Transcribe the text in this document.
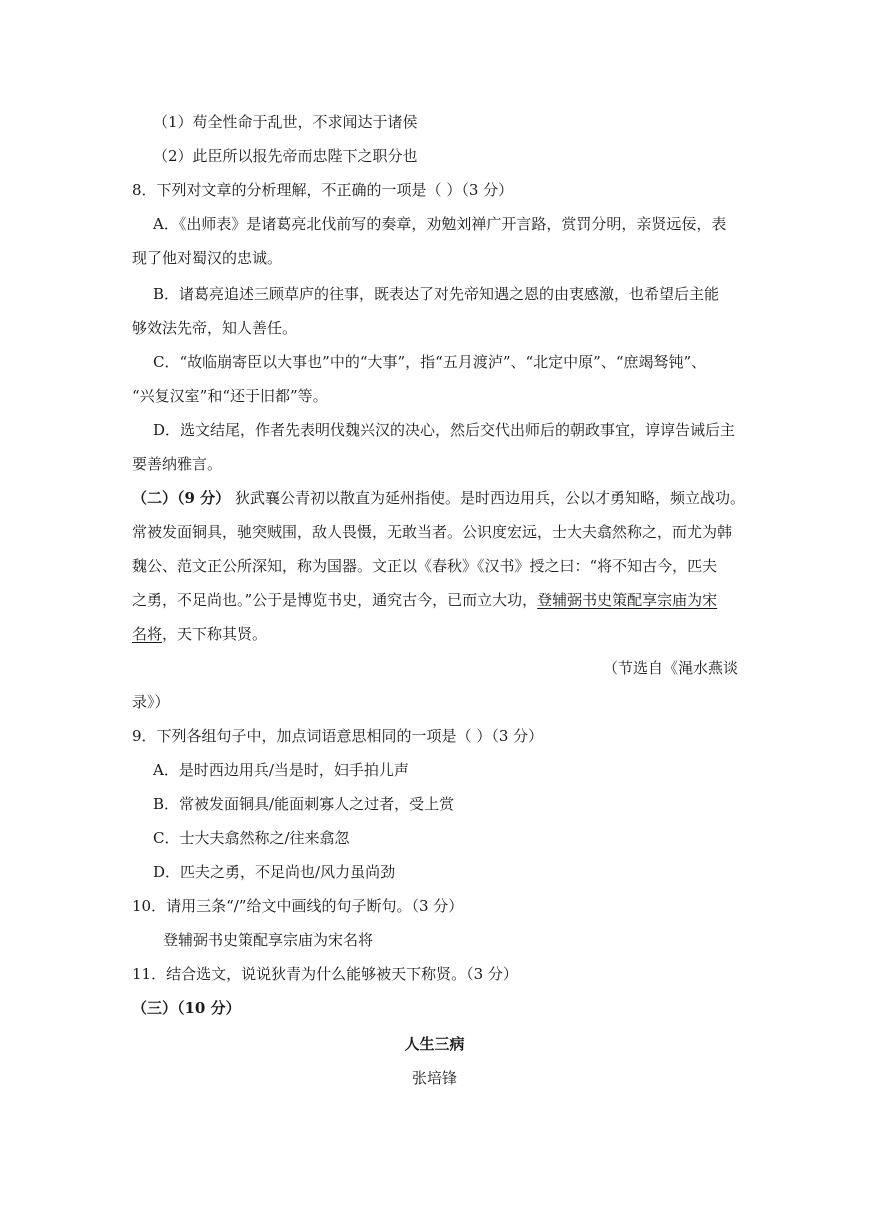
（1）苟全性命于乱世，不求闻达于诸侯
（2）此臣所以报先帝而忠陛下之职分也
8．下列对文章的分析理解，不正确的一项是（ ）（3 分）
A．《出师表》是诸葛亮北伐前写的奏章，劝勉刘禅广开言路，赏罚分明，亲贤远佞，表
现了他对蜀汉的忠诚。
B．诸葛亮追述三顾草庐的往事，既表达了对先帝知遇之恩的由衷感激，也希望后主能
够效法先帝，知人善任。
C．“故临崩寄臣以大事也”中的“大事”，指“五月渡泸”、“北定中原”、“庶竭驽钝”、
“兴复汉室”和“还于旧都”等。
D．选文结尾，作者先表明伐魏兴汉的决心，然后交代出师后的朝政事宜，谆谆告诫后主
要善纳雅言。
（二）（9 分） 狄武襄公青初以散直为延州指使。是时西边用兵，公以才勇知略，频立战功。
常被发面铜具，驰突贼围，敌人畏慑，无敢当者。公识度宏远，士大夫翕然称之，而尤为韩
魏公、范文正公所深知，称为国器。文正以《春秋》《汉书》授之曰：“将不知古今，匹夫
之勇，不足尚也。”公于是博览书史，通究古今，已而立大功，登辅弼书史策配享宗庙为宋
名将，天下称其贤。
（节选自《渑水燕谈
录》）
9．下列各组句子中，加点词语意思相同的一项是（ ）（3 分）
A．是时西边用兵/当是时，妇手拍儿声
B．常被发面铜具/能面刺寡人之过者，受上赏
C．士大夫翕然称之/往来翕忽
D．匹夫之勇，不足尚也/风力虽尚劲
10．请用三条“/”给文中画线的句子断句。（3 分）
登辅弼书史策配享宗庙为宋名将
11．结合选文，说说狄青为什么能够被天下称贤。（3 分）
（三）（10 分）
人生三病
张培锋
